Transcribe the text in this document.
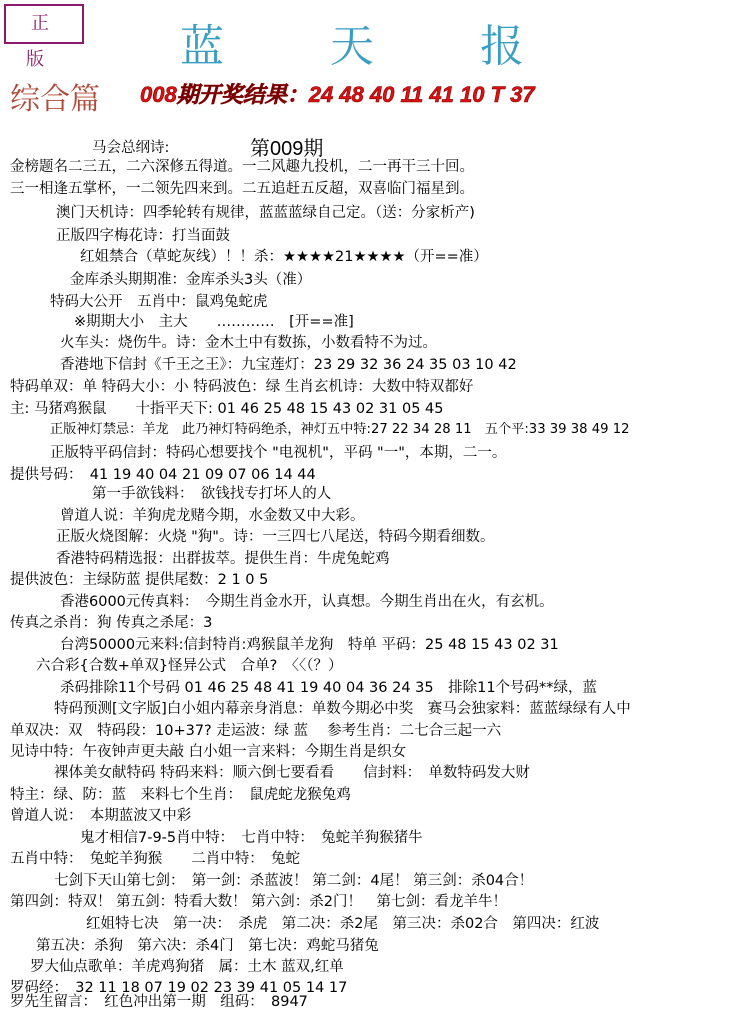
正 版	蓝 天 报
综合篇 008期开奖结果：24 48 40 11 41 10 T 37
第009期
马会总纲诗:
金榜题名二三五，二六深修五得道。一二风趣九投机，二一再干三十回。
三一相逢五掌杯，一二领先四来到。二五追赶五反超，双喜临门福星到。
澳门天机诗：四季轮转有规律，蓝蓝蓝绿自己定。（送：分家析产)
正版四字梅花诗：打当面鼓
红姐禁合（草蛇灰线）！！杀：★★★★21★★★★（开==准）
金库杀头期期准：金库杀头3头（准）
特码大公开　五肖中：鼠鸡兔蛇虎
※期期大小　主大　　…………　[开==准]
火车头：烧伤牛。诗：金木土中有数拣，小数看特不为过。
香港地下信封《千王之王》：九宝莲灯：23 29 32 36 24 35 03 10 42
特码单双：单 特码大小：小 特码波色：绿 生肖玄机诗：大数中特双都好
主: 马猪鸡猴鼠　　十指平天下: 01 46 25 48 15 43 02 31 05 45
正版神灯禁忌：羊龙　此乃神灯特码绝杀，神灯五中特:27 22 34 28 11　五个平:33 39 38 49 12
正版特平码信封：特码心想要找个 "电视机"，平码 "一"，本期，二一。
提供号码：　41 19 40 04 21 09 07 06 14 44
第一手欲钱料：　欲钱找专打坏人的人
曾道人说：羊狗虎龙赌今期，水金数又中大彩。
正版火烧图解：火烧 "狗"。诗：一三四七八尾送，特码今期看细数。
香港特码精选报：出群拔萃。提供生肖：牛虎兔蛇鸡
提供波色：主绿防蓝 提供尾数：2 1 0 5
香港6000元传真料：　今期生肖金水开，认真想。今期生肖出在火，有玄机。
传真之杀肖：狗 传真之杀尾：3
台湾50000元来料:信封特肖:鸡猴鼠羊龙狗　特单 平码：25 48 15 43 02 31
六合彩{合数+单双}怪异公式　合单?　〈〈（？）
杀码排除11个号码 01 46 25 48 41 19 40 04 36 24 35　排除11个号码**绿，蓝
特码预测[文字版]白小姐内幕亲身消息：单数今期必中奖　赛马会独家料：蓝蓝绿绿有人中
单双决：双　特码段：10+37? 走运波：绿 蓝　 参考生肖：二七合三起一六
见诗中特：午夜钟声更夫敲 白小姐一言来料：今期生肖是织女
裸体美女献特码 特码来料：顺六倒七要看看　　信封料：　单数特码发大财
特主：绿、防：蓝　来料七个生肖：　鼠虎蛇龙猴兔鸡
曾道人说：　本期蓝波又中彩
鬼才相信7-9-5肖中特：　七肖中特：　兔蛇羊狗猴猪牛
五肖中特：　兔蛇羊狗猴　　二肖中特：　兔蛇
七剑下天山第七剑：　第一剑：杀蓝波！ 第二剑：4尾！ 第三剑：杀04合！
第四剑：特双！ 第五剑：特看大数！ 第六剑：杀2门！　第七剑：看龙羊牛！
红姐特七决　第一决：　杀虎　第二决：杀2尾　第三决：杀02合　第四决：红波
第五决：杀狗　第六决：杀4门　第七决：鸡蛇马猪兔
罗大仙点歌单：羊虎鸡狗猪　属：土木 蓝双,红单
罗码经：　32 11 18 07 19 02 23 39 41 05 14 17
罗先生留言：　红色冲出第一期　组码：　8947
